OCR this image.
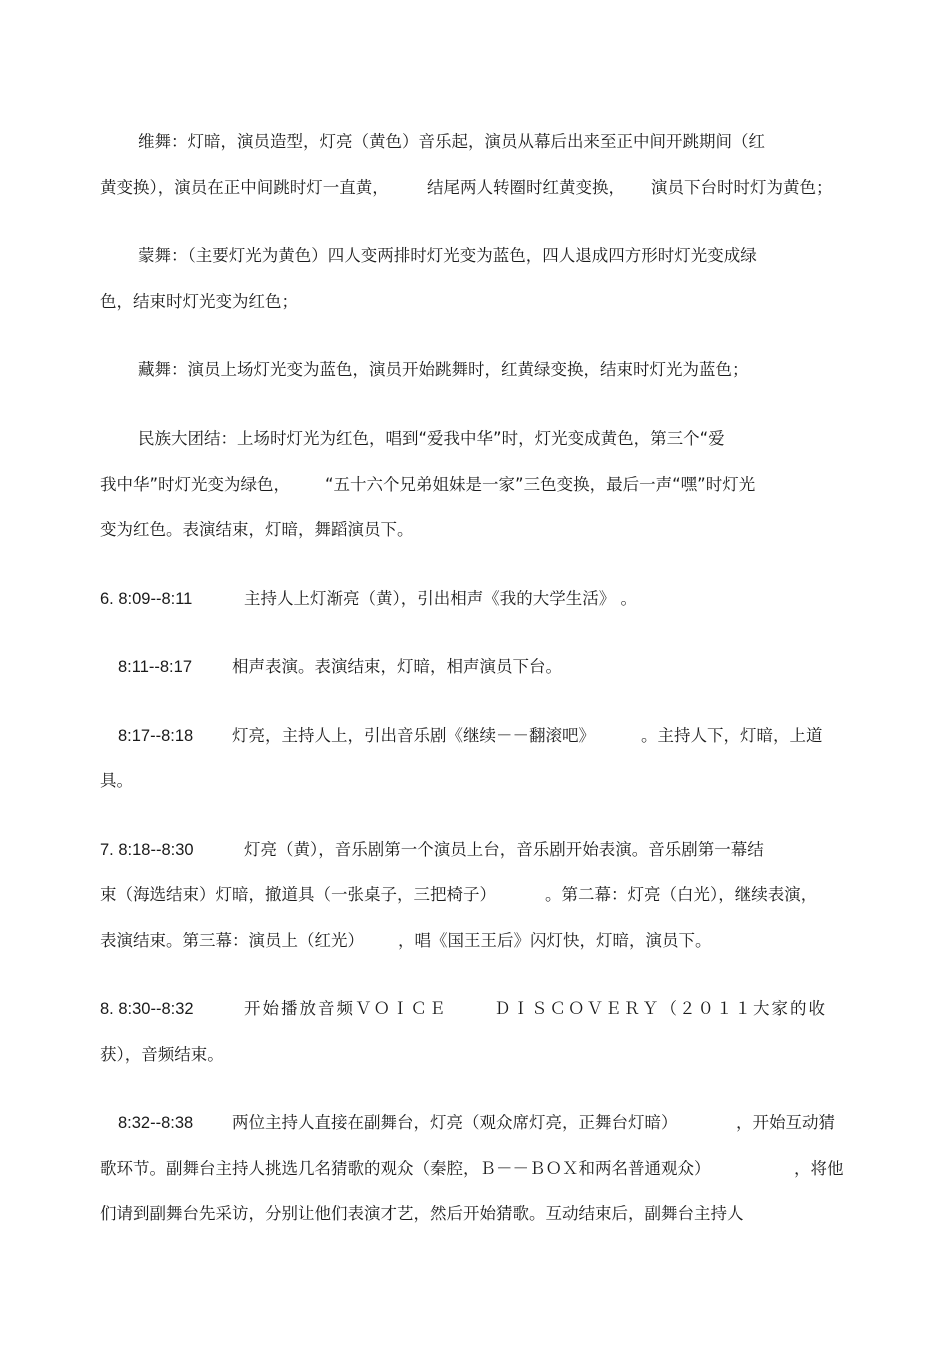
维舞：灯暗，演员造型，灯亮（黄色）音乐起，演员从幕后出来至正中间开跳期间（红
黄变换），演员在正中间跳时灯一直黄， 结尾两人转圈时红黄变换， 演员下台时时灯为黄色；
蒙舞：（主要灯光为黄色）四人变两排时灯光变为蓝色，四人退成四方形时灯光变成绿
色，结束时灯光变为红色；
藏舞：演员上场灯光变为蓝色，演员开始跳舞时，红黄绿变换，结束时灯光为蓝色；
民族大团结：上场时灯光为红色，唱到“爱我中华”时，灯光变成黄色，第三个“爱
我中华”时灯光变为绿色， “五十六个兄弟姐妹是一家”三色变换，最后一声“嘿”时灯光
变为红色。表演结束，灯暗，舞蹈演员下。
6. 8:09--8:11	主持人上灯渐亮（黄），引出相声《我的大学生活》 。
8:11--8:17 相声表演。表演结束，灯暗，相声演员下台。
8:17--8:18 灯亮，主持人上，引出音乐剧《继续－－翻滚吧》	。主持人下，灯暗，上道
具。
7. 8:18--8:30	灯亮（黄），音乐剧第一个演员上台，音乐剧开始表演。音乐剧第一幕结
束（海选结束）灯暗，撤道具（一张桌子，三把椅子）	。第二幕：灯亮（白光），继续表演，
表演结束。第三幕：演员上（红光） ，唱《国王王后》闪灯快，灯暗，演员下。
8. 8:30--8:32	开始播放音频ＶＯＩＣＥ	ＤＩＳＣＯＶＥＲＹ（２０１１大家的收
获），音频结束。
8:32--8:38 两位主持人直接在副舞台，灯亮（观众席灯亮，正舞台灯暗）	，开始互动猜
歌环节。副舞台主持人挑选几名猜歌的观众（秦腔，Ｂ－－ＢＯＸ和两名普通观众）	，将他
们请到副舞台先采访，分别让他们表演才艺，然后开始猜歌。互动结束后，副舞台主持人
